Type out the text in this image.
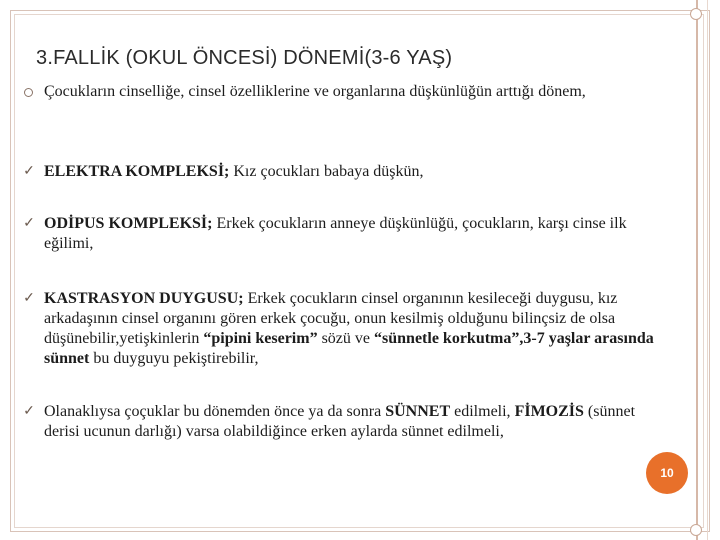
3.FALLİK (OKUL ÖNCESİ) DÖNEMİ(3-6 YAŞ)
Çocukların cinselliğe, cinsel özelliklerine ve organlarına düşkünlüğün arttığı dönem,
✓ ELEKTRA KOMPLEKSİ; Kız çocukları babaya düşkün,
✓ ODİPUS KOMPLEKSİ; Erkek çocukların anneye düşkünlüğü, çocukların, karşı cinse ilk eğilimi,
✓ KASTRASYON DUYGUSU; Erkek çocukların cinsel organının kesileceği duygusu, kız arkadaşının cinsel organını gören erkek çocuğu, onun kesilmiş olduğunu bilinçsiz de olsa düşünebilir,yetişkinlerin “pipini keserim” sözü ve “sünnetle korkutma”,3-7 yaşlar arasında sünnet bu duyguyu pekiştirebilir,
✓ Olanaklıysa çoçuklar bu dönemden önce ya da sonra SÜNNET edilmeli, FİMOZİS (sünnet derisi ucunun darlığı) varsa olabildiğince erken aylarda sünnet edilmeli,
10
